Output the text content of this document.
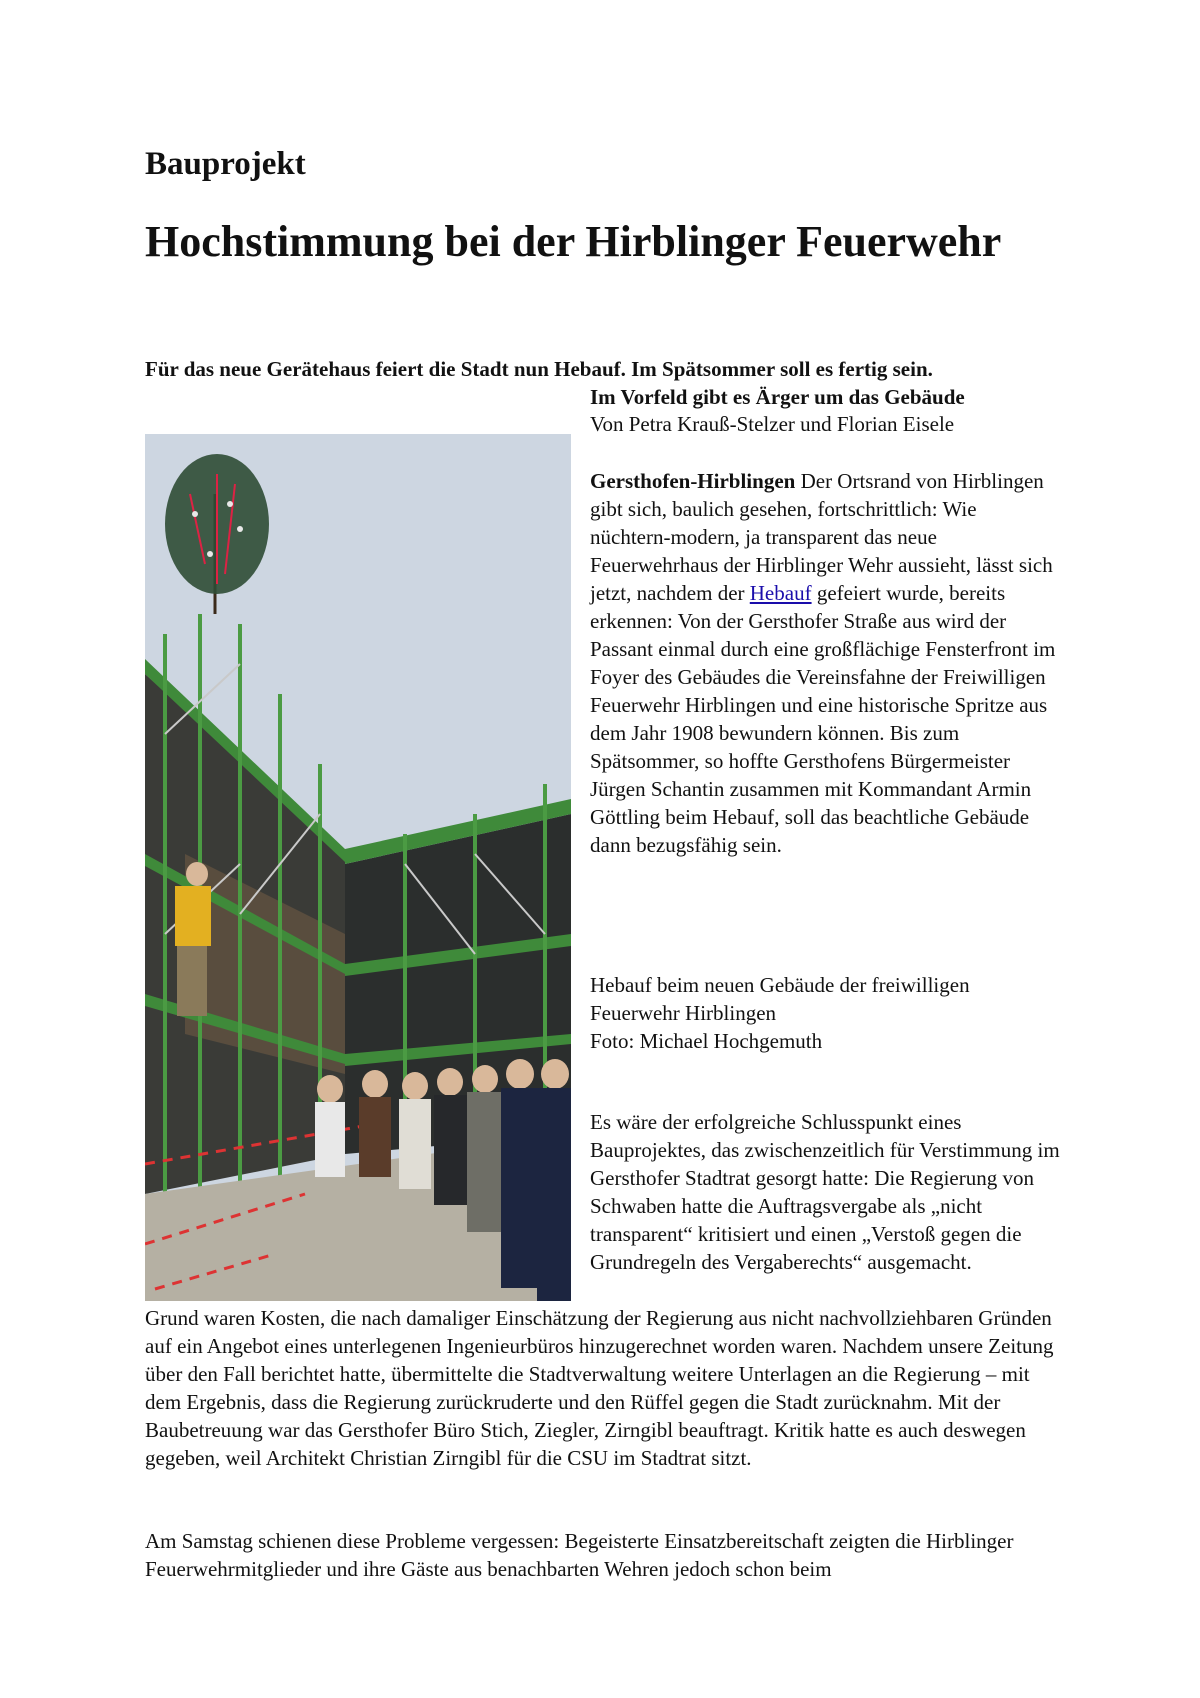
Bauprojekt
Hochstimmung bei der Hirblinger Feuerwehr

Für das neue Gerätehaus feiert die Stadt nun Hebauf. Im Spätsommer soll es fertig sein.

Im Vorfeld gibt es Ärger um das Gebäude

Von Petra Krauß-Stelzer und Florian Eisele

Gersthofen-Hirblingen Der Ortsrand von Hirblingen gibt sich, baulich gesehen, fortschrittlich: Wie nüchtern-modern, ja transparent das neue Feuerwehrhaus der Hirblinger Wehr aussieht, lässt sich jetzt, nachdem der Hebauf gefeiert wurde, bereits erkennen: Von der Gersthofer Straße aus wird der Passant einmal durch eine großflächige Fensterfront im Foyer des Gebäudes die Vereinsfahne der Freiwilligen Feuerwehr Hirblingen und eine historische Spritze aus dem Jahr 1908 bewundern können. Bis zum Spätsommer, so hoffte Gersthofens Bürgermeister Jürgen Schantin zusammen mit Kommandant Armin Göttling beim Hebauf, soll das beachtliche Gebäude dann bezugsfähig sein.

Hebauf beim neuen Gebäude der freiwilligen
Feuerwehr Hirblingen
Foto: Michael Hochgemuth

Es wäre der erfolgreiche Schlusspunkt eines Bauprojektes, das zwischenzeitlich für Verstimmung im Gersthofer Stadtrat gesorgt hatte: Die Regierung von Schwaben hatte die Auftragsvergabe als „nicht transparent“ kritisiert und einen „Verstoß gegen die Grundregeln des Vergaberechts“ ausgemacht.

Grund waren Kosten, die nach damaliger Einschätzung der Regierung aus nicht nachvollziehbaren Gründen auf ein Angebot eines unterlegenen Ingenieurbüros hinzugerechnet worden waren. Nachdem unsere Zeitung über den Fall berichtet hatte, übermittelte die Stadtverwaltung weitere Unterlagen an die Regierung – mit dem Ergebnis, dass die Regierung zurückruderte und den Rüffel gegen die Stadt zurücknahm. Mit der Baubetreuung war das Gersthofer Büro Stich, Ziegler, Zirngibl beauftragt. Kritik hatte es auch deswegen gegeben, weil Architekt Christian Zirngibl für die CSU im Stadtrat sitzt.

Am Samstag schienen diese Probleme vergessen: Begeisterte Einsatzbereitschaft zeigten die Hirblinger Feuerwehrmitglieder und ihre Gäste aus benachbarten Wehren jedoch schon beim
